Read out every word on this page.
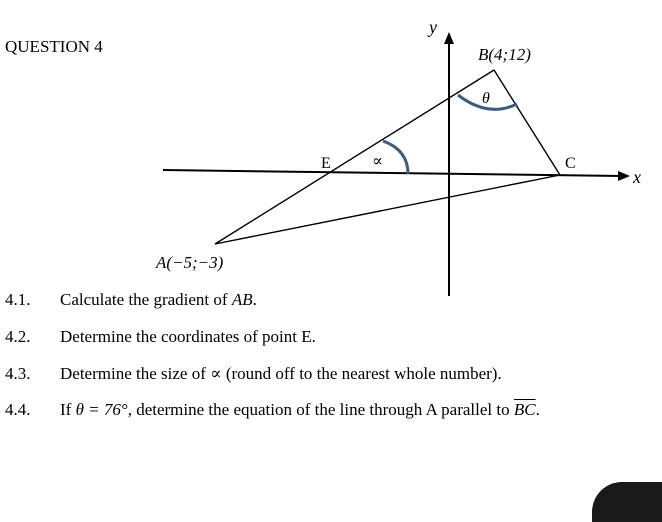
QUESTION 4
y
x
B(4;12)
C
E
A(−5;−3)
∝
θ
4.1. Calculate the gradient of AB.
4.2. Determine the coordinates of point E.
4.3. Determine the size of ∝ (round off to the nearest whole number).
4.4. If θ = 76°, determine the equation of the line through A parallel to $\overline{BC}$.
